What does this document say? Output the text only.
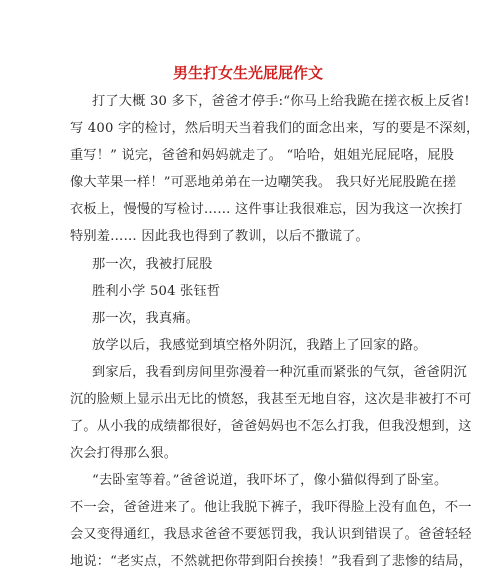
男生打女生光屁屁作文
打了大概 30 多下，爸爸才停手:“你马上给我跪在搓衣板上反省!
写 400 字的检讨，然后明天当着我们的面念出来，写的要是不深刻，
重写！” 说完，爸爸和妈妈就走了。 “哈哈，姐姐光屁屁咯，屁股
像大苹果一样！”可恶地弟弟在一边嘲笑我。 我只好光屁股跪在搓
衣板上，慢慢的写检讨…… 这件事让我很难忘，因为我这一次挨打
特别羞…… 因此我也得到了教训，以后不撒谎了。
那一次，我被打屁股
胜利小学 504 张钰哲
那一次，我真痛。
放学以后，我感觉到填空格外阴沉，我踏上了回家的路。
到家后，我看到房间里弥漫着一种沉重而紧张的气氛，爸爸阴沉
沉的脸颊上显示出无比的愤怒，我甚至无地自容，这次是非被打不可
了。从小我的成绩都很好，爸爸妈妈也不怎么打我，但我没想到，这
次会打得那么狠。
“去卧室等着。”爸爸说道，我吓坏了，像小猫似得到了卧室。
不一会，爸爸进来了。他让我脱下裤子，我吓得脸上没有血色，不一
会又变得通红，我恳求爸爸不要惩罚我，我认识到错误了。爸爸轻轻
地说：“老实点，不然就把你带到阳台挨揍！”我看到了悲惨的结局，
